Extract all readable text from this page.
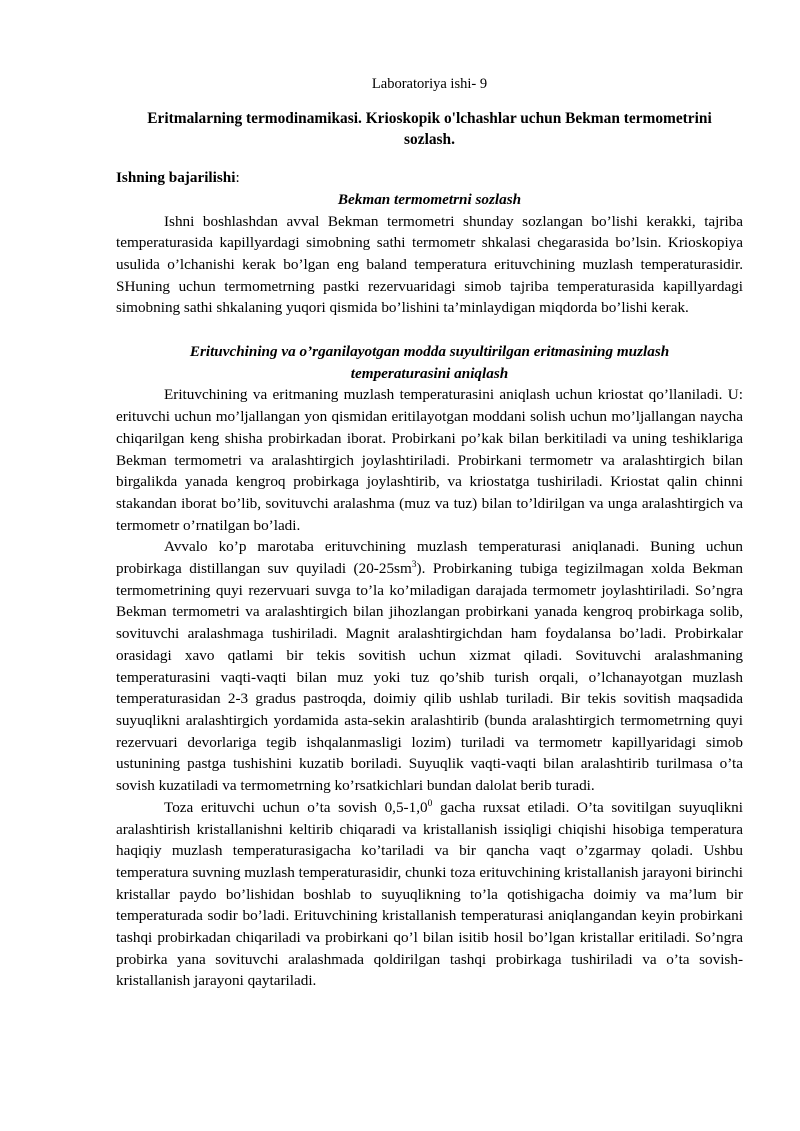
Laboratoriya ishi- 9

Eritmalarning termodinamikasi. Krioskopik o'lchashlar uchun Bekman termometrini sozlash.

Ishning bajarilishi:

Bekman termometrni sozlash

Ishni boshlashdan avval Bekman termometri shunday sozlangan bo’lishi kerakki, tajriba temperaturasida kapillyardagi simobning sathi termometr shkalasi chegarasida bo’lsin. Krioskopiya usulida o’lchanishi kerak bo’lgan eng baland temperatura erituvchining muzlash temperaturasidir. SHuning uchun termometrning pastki rezervuaridagi simob tajriba temperaturasida kapillyardagi simobning sathi shkalaning yuqori qismida bo’lishini ta’minlaydigan miqdorda bo’lishi kerak.

Erituvchining va o’rganilayotgan modda suyultirilgan eritmasining muzlash

temperaturasini aniqlash

Erituvchining va eritmaning muzlash temperaturasini aniqlash uchun kriostat qo’llaniladi. U: erituvchi uchun mo’ljallangan yon qismidan eritilayotgan moddani solish uchun mo’ljallangan naycha chiqarilgan keng shisha probirkadan iborat. Probirkani po’kak bilan berkitiladi va uning teshiklariga Bekman termometri va aralashtirgich joylashtiriladi. Probirkani termometr va aralashtirgich bilan birgalikda yanada kengroq probirkaga joylashtirib, va kriostatga tushiriladi. Kriostat qalin chinni stakandan iborat bo’lib, sovituvchi aralashma (muz va tuz) bilan to’ldirilgan va unga aralashtirgich va termometr o’rnatilgan bo’ladi.

Avvalo ko’p marotaba erituvchining muzlash temperaturasi aniqlanadi. Buning uchun probirkaga distillangan suv quyiladi $(20-25sm^3)$. Probirkaning tubiga tegizilmagan xolda Bekman termometrining quyi rezervuari suvga to’la ko’miladigan darajada termometr joylashtiriladi. So’ngra Bekman termometri va aralashtirgich bilan jihozlangan probirkani yanada kengroq probirkaga solib, sovituvchi aralashmaga tushiriladi. Magnit aralashtirgichdan ham foydalansa bo’ladi. Probirkalar orasidagi xavo qatlami bir tekis sovitish uchun xizmat qiladi. Sovituvchi aralashmaning temperaturasini vaqti-vaqti bilan muz yoki tuz qo’shib turish orqali, o’lchanayotgan muzlash temperaturasidan 2-3 gradus pastroqda, doimiy qilib ushlab turiladi. Bir tekis sovitish maqsadida suyuqlikni aralashtirgich yordamida asta-sekin aralashtirib (bunda aralashtirgich termometrning quyi rezervuari devorlariga tegib ishqalanmasligi lozim) turiladi va termometr kapillyaridagi simob ustunining pastga tushishini kuzatib boriladi. Suyuqlik vaqti-vaqti bilan aralashtirib turilmasa o’ta sovish kuzatiladi va termometrning ko’rsatkichlari bundan dalolat berib turadi.

Toza erituvchi uchun o’ta sovish $0,5-1,0^0$ gacha ruxsat etiladi. O’ta sovitilgan suyuqlikni aralashtirish kristallanishni keltirib chiqaradi va kristallanish issiqligi chiqishi hisobiga temperatura haqiqiy muzlash temperaturasigacha ko’tariladi va bir qancha vaqt o’zgarmay qoladi. Ushbu temperatura suvning muzlash temperaturasidir, chunki toza erituvchining kristallanish jarayoni birinchi kristallar paydo bo’lishidan boshlab to suyuqlikning to’la qotishigacha doimiy va ma’lum bir temperaturada sodir bo’ladi. Erituvchining kristallanish temperaturasi aniqlangandan keyin probirkani tashqi probirkadan chiqariladi va probirkani qo’l bilan isitib hosil bo’lgan kristallar eritiladi. So’ngra probirka yana sovituvchi aralashmada qoldirilgan tashqi probirkaga tushiriladi va o’ta sovish-kristallanish jarayoni qaytariladi.
